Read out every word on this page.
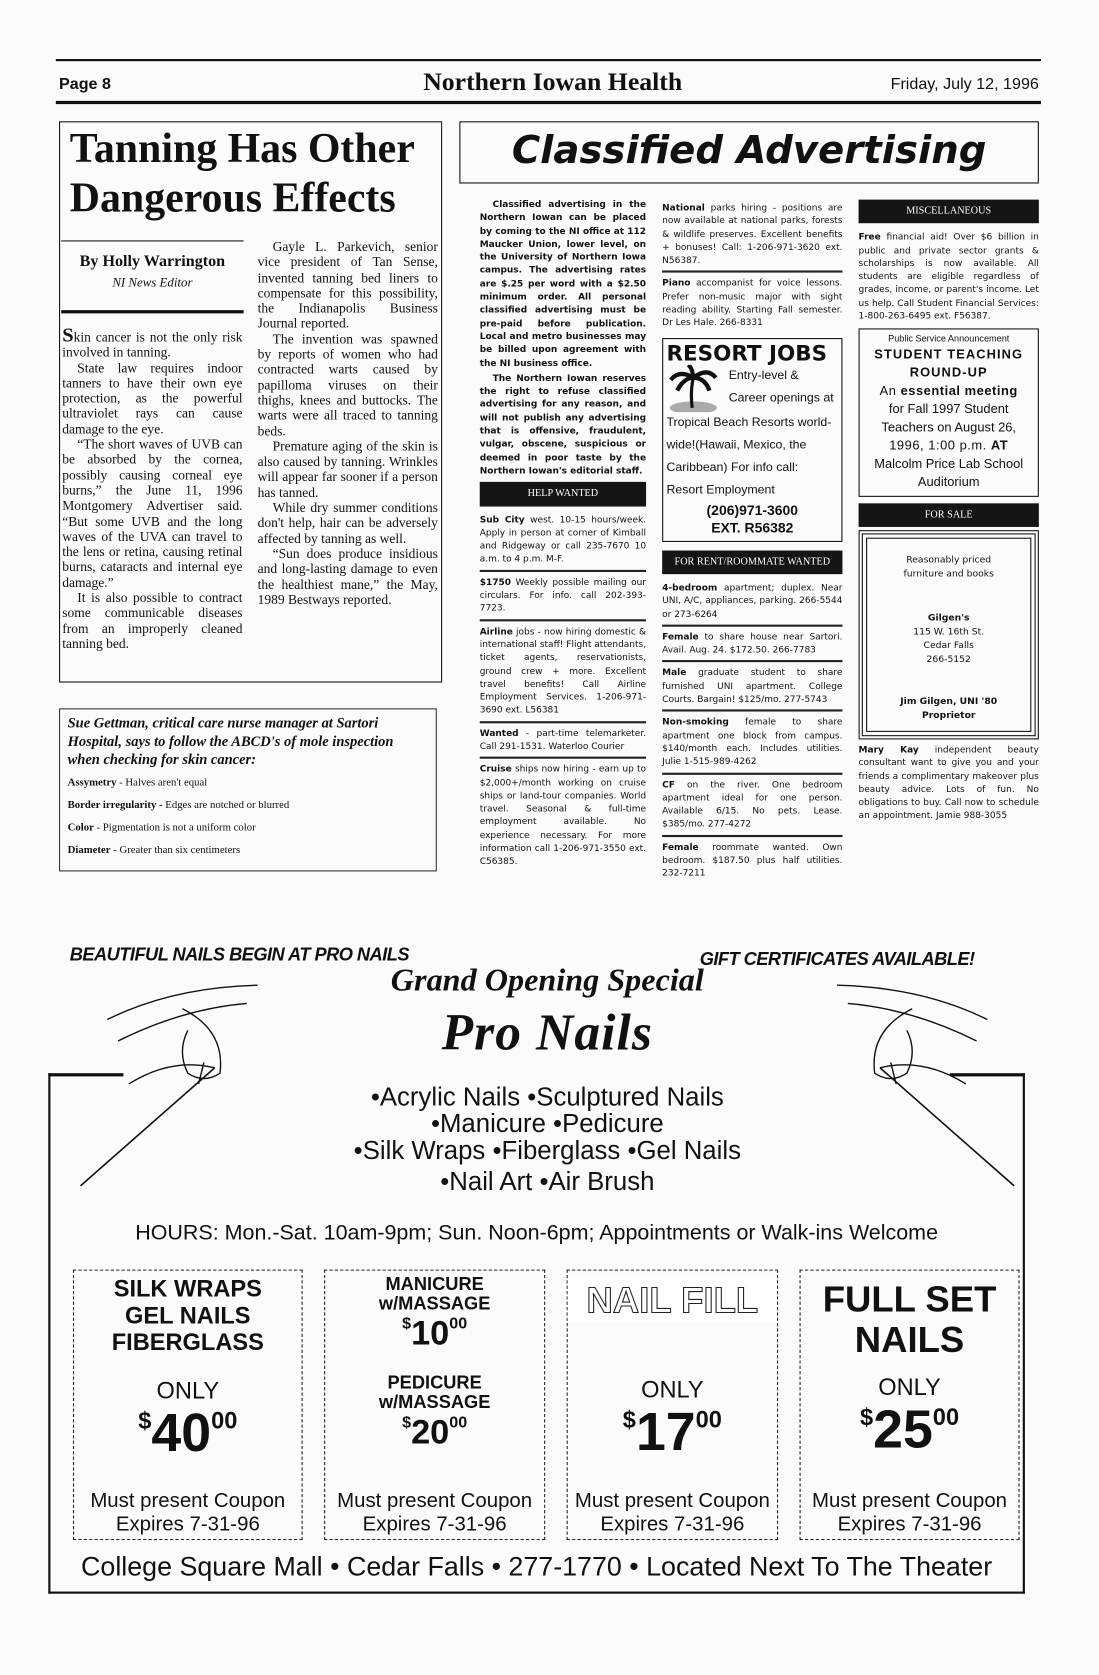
Page 8	Northern Iowan Health	Friday, July 12, 1996
Tanning Has Other Dangerous Effects
By Holly Warrington
NI News Editor

Skin cancer is not the only risk involved in tanning.

State law requires indoor tanners to have their own eye protection, as the powerful ultraviolet rays can cause damage to the eye.

“The short waves of UVB can be absorbed by the cornea, possibly causing corneal eye burns,” the June 11, 1996 Montgomery Advertiser said. “But some UVB and the long waves of the UVA can travel to the lens or retina, causing retinal burns, cataracts and internal eye damage.”

It is also possible to contract some communicable diseases from an improperly cleaned tanning bed.

Gayle L. Parkevich, senior vice president of Tan Sense, invented tanning bed liners to compensate for this possibility, the Indianapolis Business Journal reported.

The invention was spawned by reports of women who had contracted warts caused by papilloma viruses on their thighs, knees and buttocks. The warts were all traced to tanning beds.

Premature aging of the skin is also caused by tanning. Wrinkles will appear far sooner if a person has tanned.

While dry summer conditions don't help, hair can be adversely affected by tanning as well.

“Sun does produce insidious and long-lasting damage to even the healthiest mane,” the May, 1989 Bestways reported.

Sue Gettman, critical care nurse manager at Sartori Hospital, says to follow the ABCD's of mole inspection when checking for skin cancer:

Assymetry - Halves aren't equal

Border irregularity - Edges are notched or blurred

Color - Pigmentation is not a uniform color

Diameter - Greater than six centimeters

Classified Advertising
Classified advertising in the Northern Iowan can be placed by coming to the NI office at 112 Maucker Union, lower level, on the University of Northern Iowa campus. The advertising rates are $.25 per word with a $2.50 minimum order. All personal classified advertising must be pre-paid before publication. Local and metro businesses may be billed upon agreement with the NI business office.
The Northern Iowan reserves the right to refuse classified advertising for any reason, and will not publish any advertising that is offensive, fraudulent, vulgar, obscene, suspicious or deemed in poor taste by the Northern Iowan's editorial staff.
HELP WANTED
Sub City west. 10-15 hours/week. Apply in person at corner of Kimball and Ridgeway or call 235-7670 10 a.m. to 4 p.m. M-F.
$1750 Weekly possible mailing our circulars. For info. call 202-393-7723.
Airline jobs - now hiring domestic & international staff! Flight attendants, ticket agents, reservationists, ground crew + more. Excellent travel benefits! Call Airline Employment Services. 1-206-971-3690 ext. L56381
Wanted - part-time telemarketer. Call 291-1531. Waterloo Courier
Cruise ships now hiring - earn up to $2,000+/month working on cruise ships or land-tour companies. World travel. Seasonal & full-time employment available. No experience necessary. For more information call 1-206-971-3550 ext. C56385.
National parks hiring - positions are now available at national parks, forests & wildlife preserves. Excellent benefits + bonuses! Call: 1-206-971-3620 ext. N56387.
Piano accompanist for voice lessons. Prefer non-music major with sight reading ability. Starting Fall semester. Dr Les Hale. 266-8331
RESORT JOBS
Entry-level &
Career openings at
Tropical Beach Resorts world-
wide!(Hawaii, Mexico, the
Caribbean) For info call:
Resort Employment
(206)971-3600
EXT. R56382
FOR RENT/ROOMMATE WANTED
4-bedroom apartment; duplex. Near UNI, A/C, appliances, parking. 266-5544 or 273-6264
Female to share house near Sartori. Avail. Aug. 24. $172.50. 266-7783
Male graduate student to share furnished UNI apartment. College Courts. Bargain! $125/mo. 277-5743
Non-smoking female to share apartment one block from campus. $140/month each. Includes utilities. Julie 1-515-989-4262
CF on the river. One bedroom apartment ideal for one person. Available 6/15. No pets. Lease. $385/mo. 277-4272
Female roommate wanted. Own bedroom. $187.50 plus half utilities. 232-7211
MISCELLANEOUS
Free financial aid! Over $6 billion in public and private sector grants & scholarships is now available. All students are eligible regardless of grades, income, or parent's income. Let us help. Call Student Financial Services: 1-800-263-6495 ext. F56387.
Public Service Announcement
STUDENT TEACHING
ROUND-UP
An essential meeting
for Fall 1997 Student
Teachers on August 26,
1996, 1:00 p.m. AT
Malcolm Price Lab School
Auditorium
FOR SALE
Reasonably priced
furniture and books
Gilgen's
115 W. 16th St.
Cedar Falls
266-5152
Jim Gilgen, UNI '80
Proprietor
Mary Kay independent beauty consultant want to give you and your friends a complimentary makeover plus beauty advice. Lots of fun. No obligations to buy. Call now to schedule an appointment. Jamie 988-3055
BEAUTIFUL NAILS BEGIN AT PRO NAILS	GIFT CERTIFICATES AVAILABLE!
Grand Opening Special
Pro Nails
•Acrylic Nails •Sculptured Nails
•Manicure •Pedicure
•Silk Wraps •Fiberglass •Gel Nails
•Nail Art •Air Brush
HOURS: Mon.-Sat. 10am-9pm; Sun. Noon-6pm; Appointments or Walk-ins Welcome
SILK WRAPS
GEL NAILS
FIBERGLASS
ONLY
$^{\$}40^{00}$
Must present Coupon
Expires 7-31-96
MANICURE
w/MASSAGE
$^{\$}10^{00}$
PEDICURE
w/MASSAGE
$^{\$}20^{00}$
Must present Coupon
Expires 7-31-96
NAIL FILL
ONLY
$^{\$}17^{00}$
Must present Coupon
Expires 7-31-96
FULL SET
NAILS
ONLY
$^{\$}25^{00}$
Must present Coupon
Expires 7-31-96
College Square Mall • Cedar Falls • 277-1770 • Located Next To The Theater
